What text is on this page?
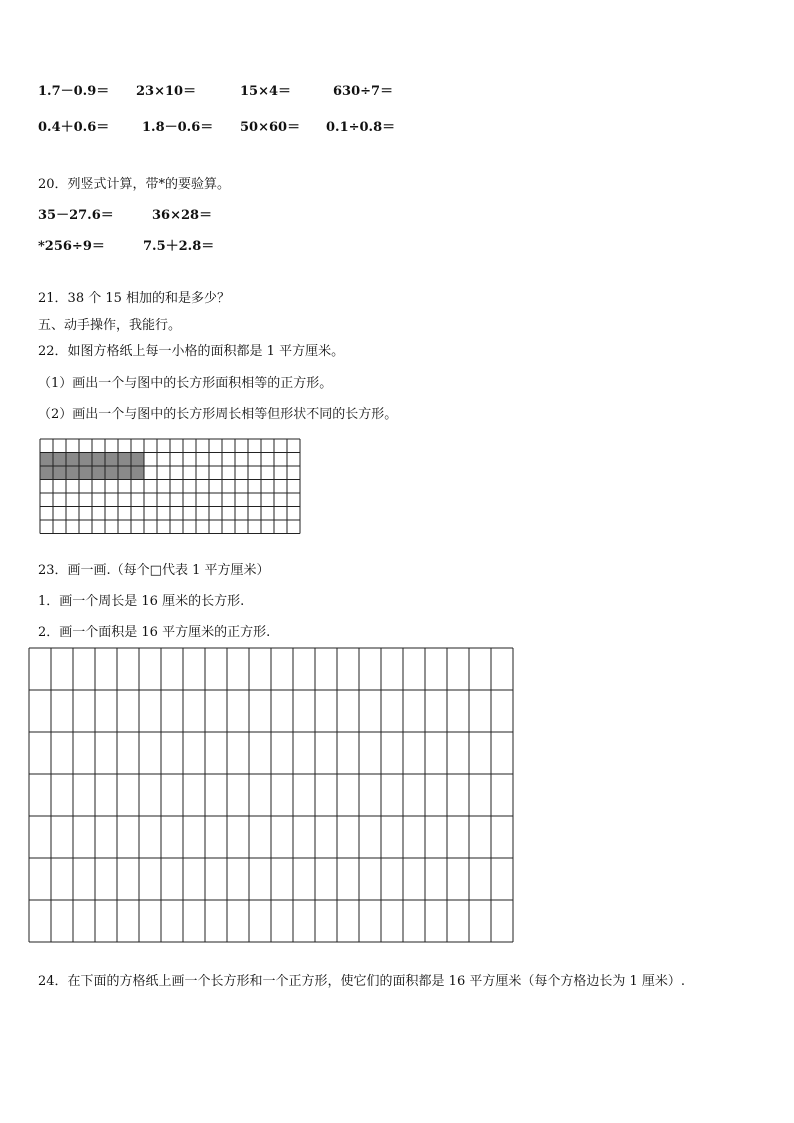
1.7－0.9＝ 23×10＝	15×4＝	630÷7＝
0.4＋0.6＝	1.8－0.6＝ 50×60＝ 0.1÷0.8＝
20．列竖式计算，带*的要验算。
35－27.6＝	36×28＝
*256÷9＝	7.5＋2.8＝
21．38 个 15 相加的和是多少？
五、动手操作，我能行。
22．如图方格纸上每一小格的面积都是 1 平方厘米。
（1）画出一个与图中的长方形面积相等的正方形。
（2）画出一个与图中的长方形周长相等但形状不同的长方形。
23．画一画.（每个□代表 1 平方厘米）
1．画一个周长是 16 厘米的长方形.
2．画一个面积是 16 平方厘米的正方形.
24．在下面的方格纸上画一个长方形和一个正方形，使它们的面积都是 16 平方厘米（每个方格边长为 1 厘米）.
